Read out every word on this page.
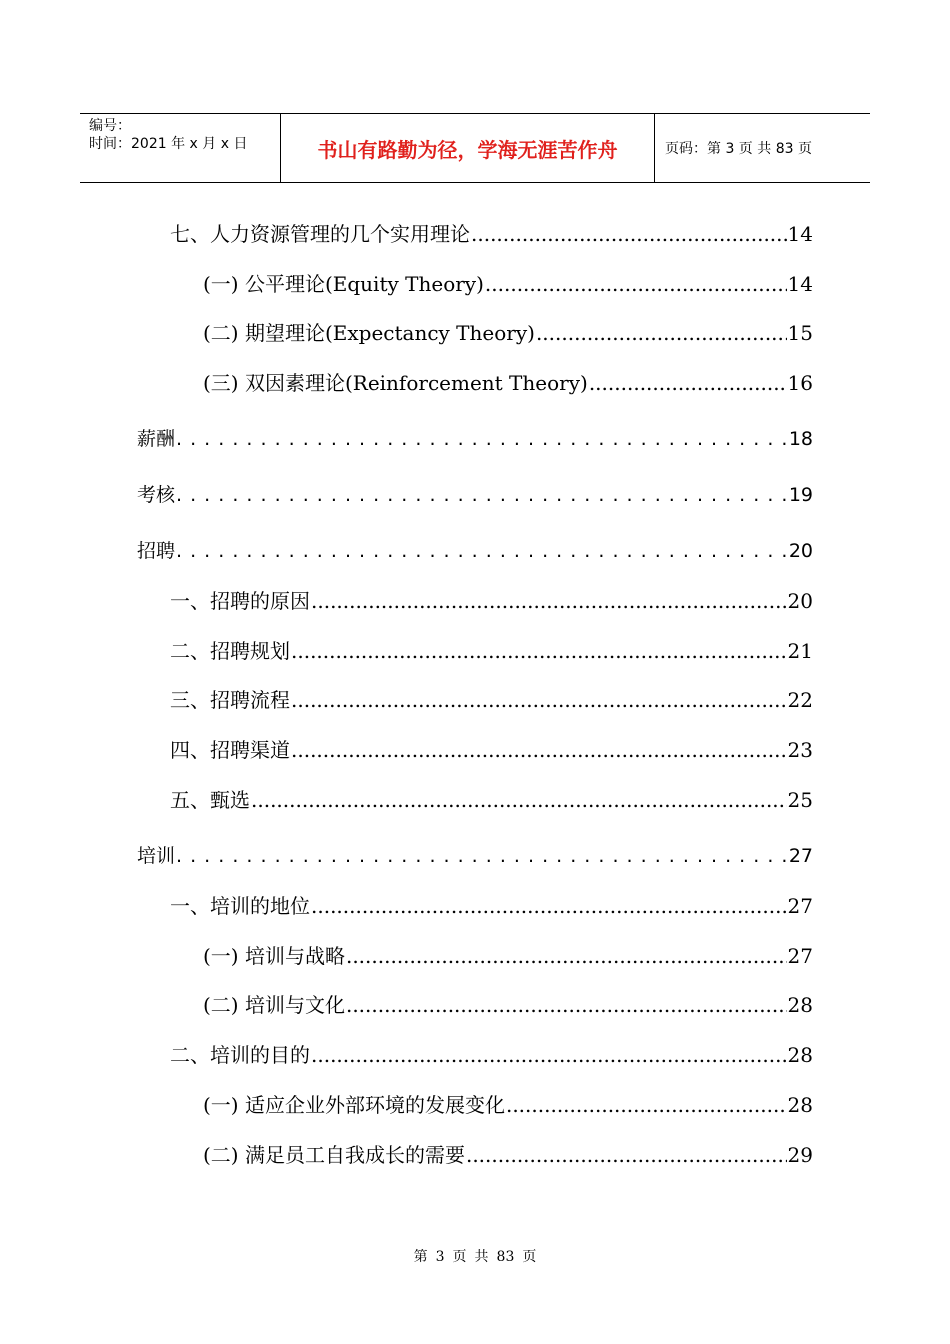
编号：
时间：2021 年 x 月 x 日	书山有路勤为径，学海无涯苦作舟	页码：第 3 页 共 83 页
七、人力资源管理的几个实用理论 .....	14
(一) 公平理论(Equity Theory) .....	14
(二) 期望理论(Expectancy Theory) .....	15
(三) 双因素理论(Reinforcement Theory) .....	16
薪酬 . . .	18
考核 . . .	19
招聘 . . .	20
一、招聘的原因 .....	20
二、招聘规划 .....	21
三、招聘流程 .....	22
四、招聘渠道 .....	23
五、甄选 .....	25
培训 . . .	27
一、培训的地位 .....	27
(一) 培训与战略 .....	27
(二) 培训与文化 .....	28
二、培训的目的 .....	28
(一) 适应企业外部环境的发展变化 .....	28
(二) 满足员工自我成长的需要 .....	29
第 3 页 共 83 页
